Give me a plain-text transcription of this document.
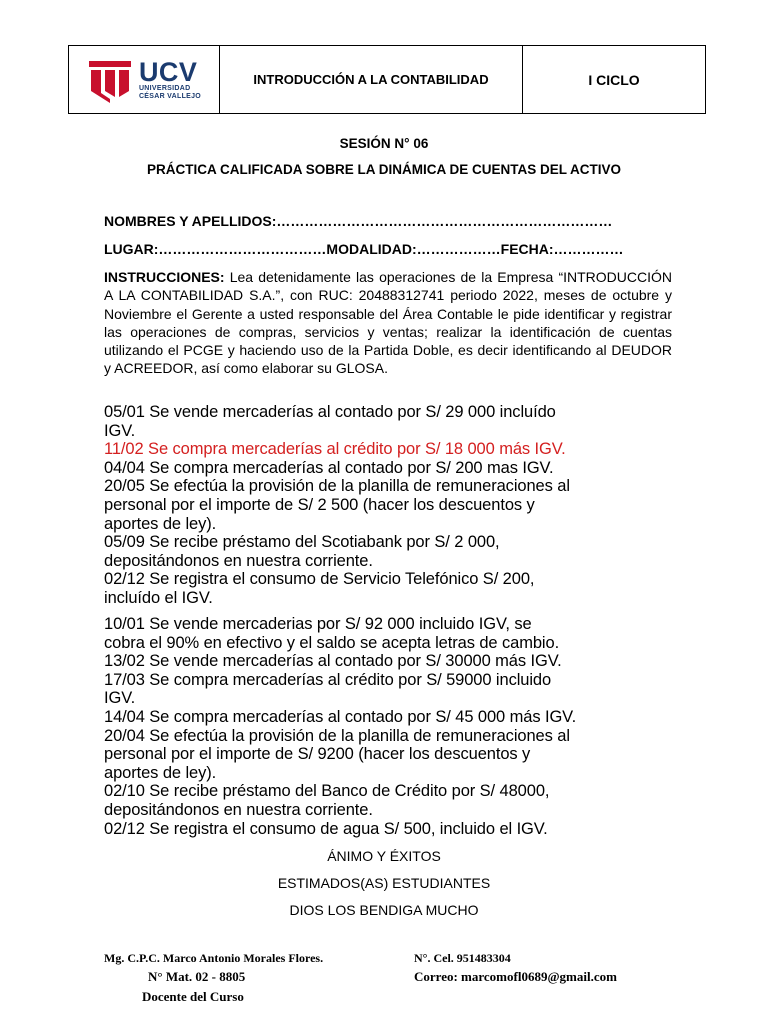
UCV
UNIVERSIDAD
CÉSAR VALLEJO
INTRODUCCIÓN A LA CONTABILIDAD	I CICLO
SESIÓN N° 06
PRÁCTICA CALIFICADA SOBRE LA DINÁMICA DE CUENTAS DEL ACTIVO
NOMBRES Y APELLIDOS:………………………………………………………………
LUGAR:………………………………MODALIDAD:………………FECHA:……………
INSTRUCCIONES: Lea detenidamente las operaciones de la Empresa “INTRODUCCIÓN A LA CONTABILIDAD S.A.”, con RUC: 20488312741 periodo 2022, meses de octubre y Noviembre el Gerente a usted responsable del Área Contable le pide identificar y registrar las operaciones de compras, servicios y ventas; realizar la identificación de cuentas utilizando el PCGE y haciendo uso de la Partida Doble, es decir identificando al DEUDOR y ACREEDOR, así como elaborar su GLOSA.
05/01 Se vende mercaderías al contado por S/ 29 000 incluído
IGV.
11/02 Se compra mercaderías al crédito por S/ 18 000 más IGV.
04/04 Se compra mercaderías al contado por S/ 200 mas IGV.
20/05 Se efectúa la provisión de la planilla de remuneraciones al
personal por el importe de S/ 2 500 (hacer los descuentos y
aportes de ley).
05/09 Se recibe préstamo del Scotiabank por S/ 2 000,
depositándonos en nuestra corriente.
02/12 Se registra el consumo de Servicio Telefónico S/ 200,
incluído el IGV.
10/01 Se vende mercaderias por S/ 92 000 incluido IGV, se
cobra el 90% en efectivo y el saldo se acepta letras de cambio.
13/02 Se vende mercaderías al contado por S/ 30000 más IGV.
17/03 Se compra mercaderías al crédito por S/ 59000 incluido
IGV.
14/04 Se compra mercaderías al contado por S/ 45 000 más IGV.
20/04 Se efectúa la provisión de la planilla de remuneraciones al
personal por el importe de S/ 9200 (hacer los descuentos y
aportes de ley).
02/10 Se recibe préstamo del Banco de Crédito por S/ 48000,
depositándonos en nuestra corriente.
02/12 Se registra el consumo de agua S/ 500, incluido el IGV.
ÁNIMO Y ÉXITOS
ESTIMADOS(AS) ESTUDIANTES
DIOS LOS BENDIGA MUCHO
Mg. C.P.C. Marco Antonio Morales Flores.
N° Mat. 02 - 8805
Docente del Curso
N°. Cel. 951483304
Correo: marcomofl0689@gmail.com
